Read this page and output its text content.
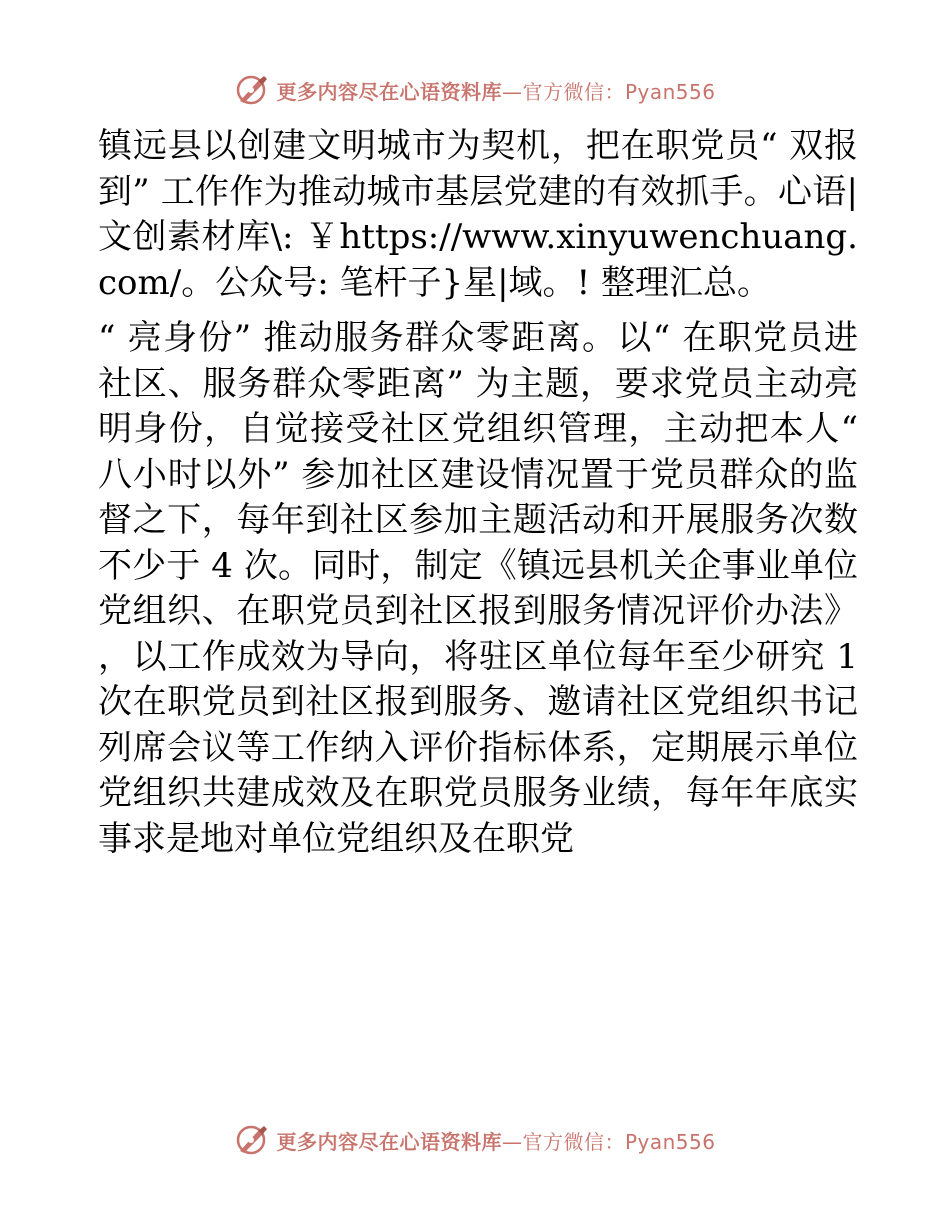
更多内容尽在心语资料库—官方微信：Pyan556

镇远县以创建文明城市为契机，把在职党员“ 双报到” 工作作为推动城市基层党建的有效抓手。心语|文创素材库\: ￥https://www.xinyuwenchuang.com/。公众号: 笔杆子}星|域。! 整理汇总。

“ 亮身份” 推动服务群众零距离。以“ 在职党员进社区、服务群众零距离” 为主题，要求党员主动亮明身份，自觉接受社区党组织管理，主动把本人“ 八小时以外” 参加社区建设情况置于党员群众的监督之下，每年到社区参加主题活动和开展服务次数不少于 4 次。同时，制定《镇远县机关企事业单位党组织、在职党员到社区报到服务情况评价办法》 ，以工作成效为导向，将驻区单位每年至少研究 1 次在职党员到社区报到服务、邀请社区党组织书记列席会议等工作纳入评价指标体系，定期展示单位党组织共建成效及在职党员服务业绩，每年年底实事求是地对单位党组织及在职党

更多内容尽在心语资料库—官方微信：Pyan556
